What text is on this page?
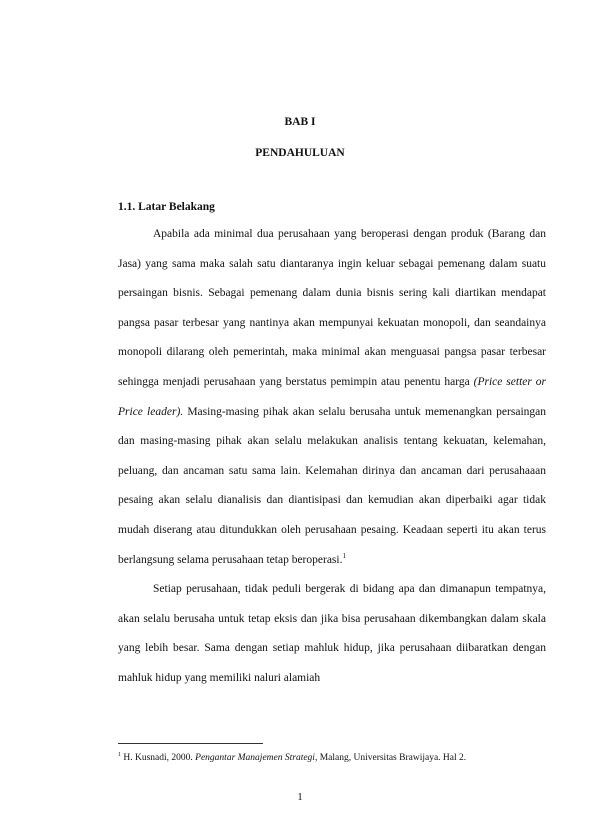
BAB I
PENDAHULUAN
1.1. Latar Belakang

Apabila ada minimal dua perusahaan yang beroperasi dengan produk (Barang dan Jasa) yang sama maka salah satu diantaranya ingin keluar sebagai pemenang dalam suatu persaingan bisnis. Sebagai pemenang dalam dunia bisnis sering kali diartikan mendapat pangsa pasar terbesar yang nantinya akan mempunyai kekuatan monopoli, dan seandainya monopoli dilarang oleh pemerintah, maka minimal akan menguasai pangsa pasar terbesar sehingga menjadi perusahaan yang berstatus pemimpin atau penentu harga (Price setter or Price leader). Masing-masing pihak akan selalu berusaha untuk memenangkan persaingan dan masing-masing pihak akan selalu melakukan analisis tentang kekuatan, kelemahan, peluang, dan ancaman satu sama lain. Kelemahan dirinya dan ancaman dari perusahaaan pesaing akan selalu dianalisis dan diantisipasi dan kemudian akan diperbaiki agar tidak mudah diserang atau ditundukkan oleh perusahaan pesaing. Keadaan seperti itu akan terus berlangsung selama perusahaan tetap beroperasi.$^1$

Setiap perusahaan, tidak peduli bergerak di bidang apa dan dimanapun tempatnya, akan selalu berusaha untuk tetap eksis dan jika bisa perusahaan dikembangkan dalam skala yang lebih besar. Sama dengan setiap mahluk hidup, jika perusahaan diibaratkan dengan mahluk hidup yang memiliki naluri alamiah

$^1$ H. Kusnadi, 2000. Pengantar Manajemen Strategi, Malang, Universitas Brawijaya. Hal 2.
1
